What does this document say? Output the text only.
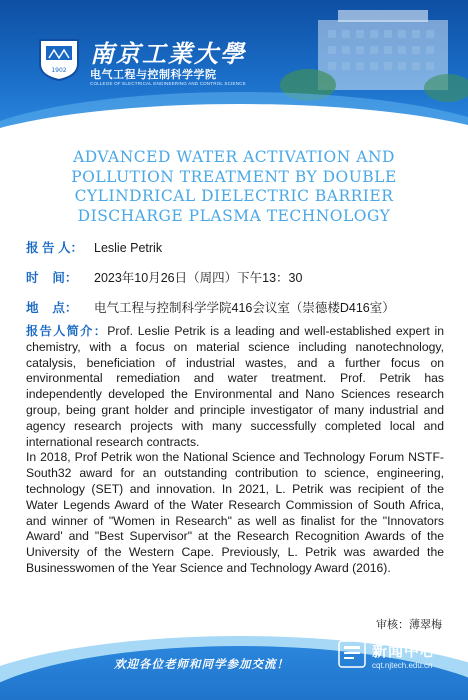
1902
南京工業大學
电气工程与控制科学学院
COLLEGE OF ELECTRICAL ENGINEERING AND CONTROL SCIENCE
ADVANCED WATER ACTIVATION AND
POLLUTION TREATMENT BY DOUBLE
CYLINDRICAL DIELECTRIC BARRIER
DISCHARGE PLASMA TECHNOLOGY
报 告 人： Leslie Petrik
时    间： 2023年10月26日（周四）下午13：30
地    点： 电气工程与控制科学学院416会议室（崇德楼D416室）

报告人简介：Prof. Leslie Petrik is a leading and well-established expert in chemistry, with a focus on material science including nanotechnology, catalysis, beneficiation of industrial wastes, and a further focus on environmental remediation and water treatment. Prof. Petrik has independently developed the Environmental and Nano Sciences research group, being grant holder and principle investigator of many industrial and agency research projects with many successfully completed local and international research contracts.

In 2018, Prof Petrik won the National Science and Technology Forum NSTF-South32 award for an outstanding contribution to science, engineering, technology (SET) and innovation. In 2021, L. Petrik was recipient of the Water Legends Award of the Water Research Commission of South Africa, and winner of "Women in Research" as well as finalist for the "Innovators Award' and "Best Supervisor" at the Research Recognition Awards of the University of the Western Cape. Previously, L. Petrik was awarded the Businesswomen of the Year Science and Technology Award (2016).

审核：薄翠梅
欢迎各位老师和同学参加交流！
新闻中心
cqt.njtech.edu.cn
